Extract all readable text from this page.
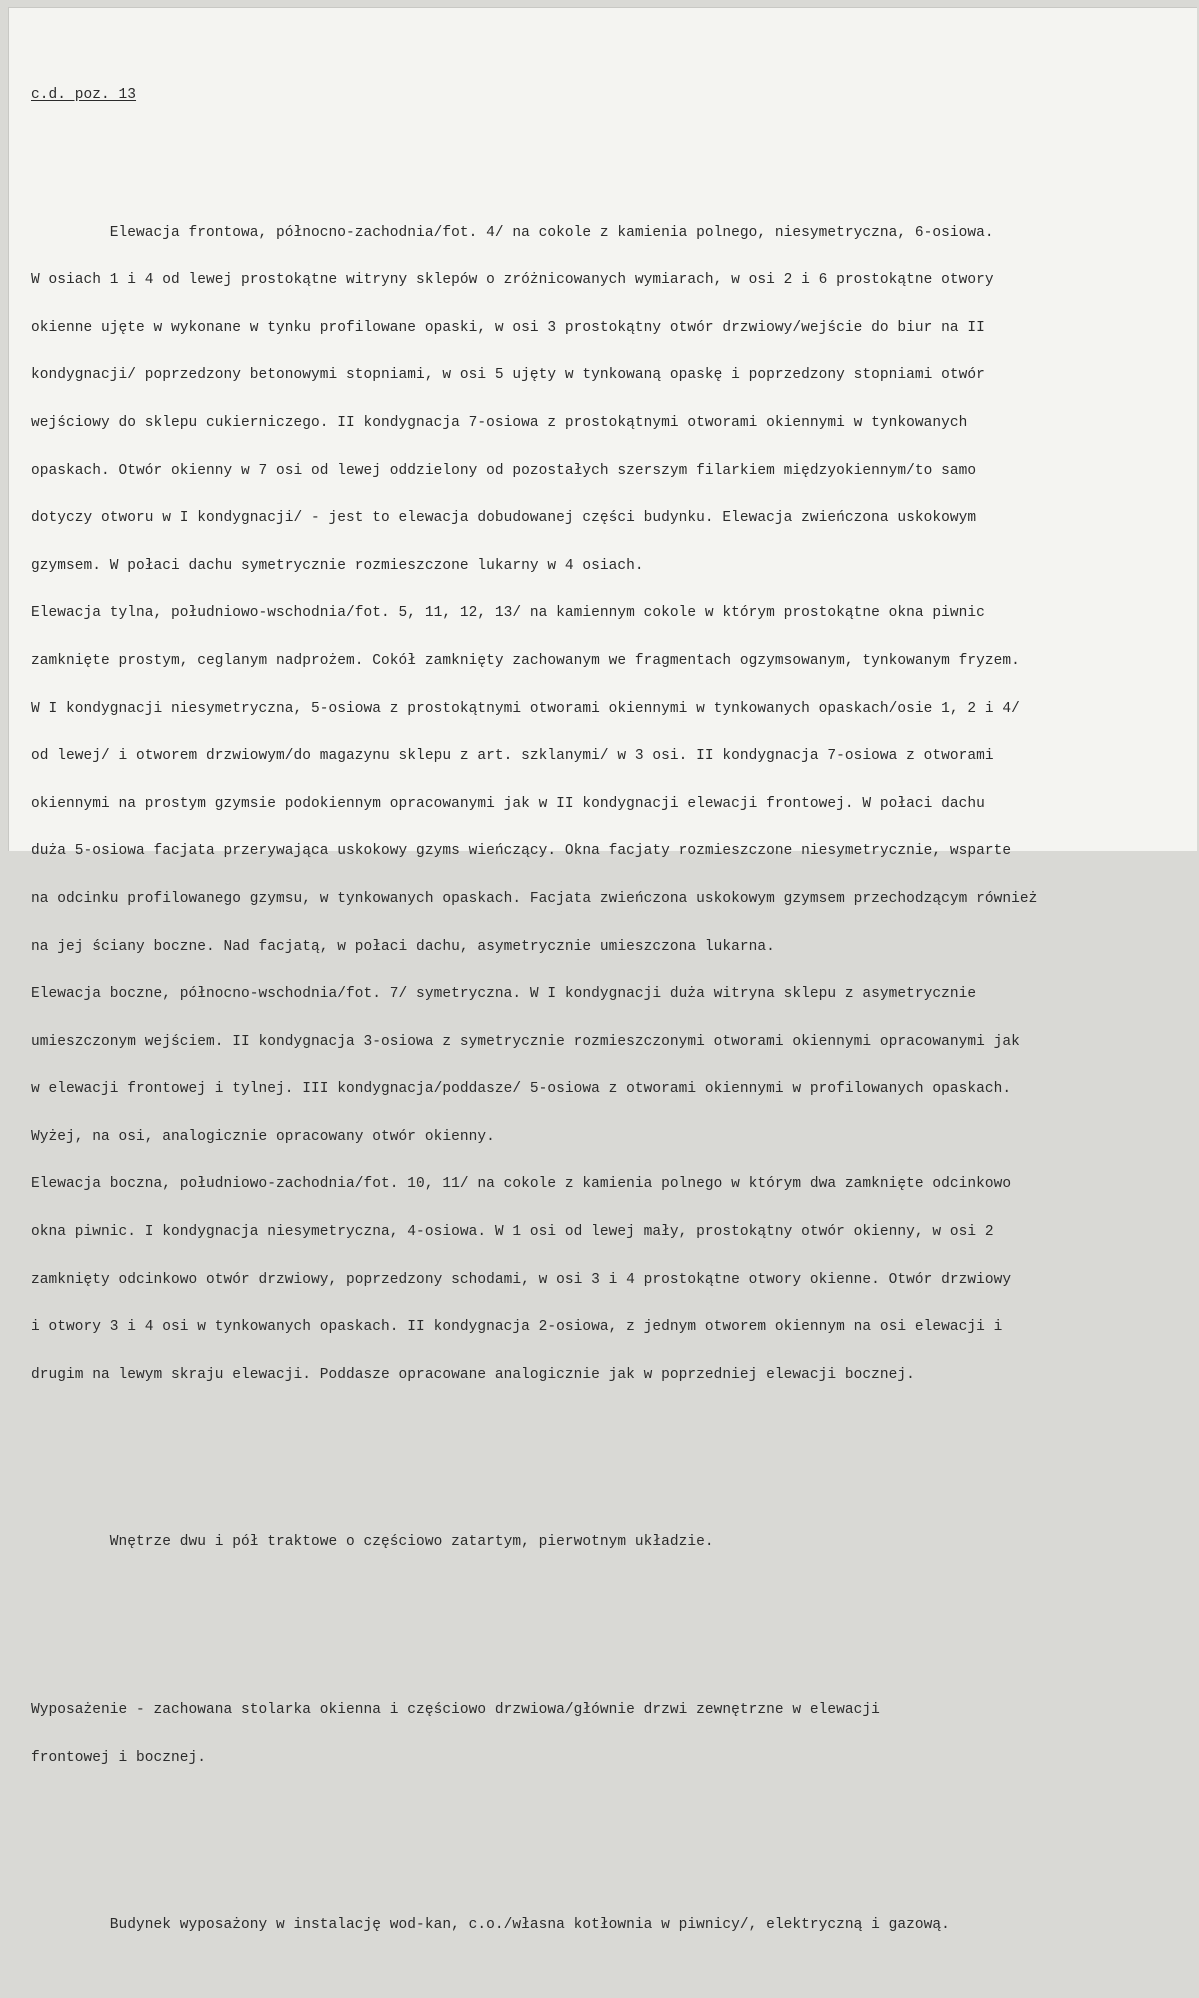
c.d. poz. 13

Elewacja frontowa, północno-zachodnia/fot. 4/ na cokole z kamienia polnego, niesymetryczna, 6-osiowa.

W osiach 1 i 4 od lewej prostokątne witryny sklepów o zróżnicowanych wymiarach, w osi 2 i 6 prostokątne otwory

okienne ujęte w wykonane w tynku profilowane opaski, w osi 3 prostokątny otwór drzwiowy/wejście do biur na II

kondygnacji/ poprzedzony betonowymi stopniami, w osi 5 ujęty w tynkowaną opaskę i poprzedzony stopniami otwór

wejściowy do sklepu cukierniczego. II kondygnacja 7-osiowa z prostokątnymi otworami okiennymi w tynkowanych

opaskach. Otwór okienny w 7 osi od lewej oddzielony od pozostałych szerszym filarkiem międzyokiennym/to samo

dotyczy otworu w I kondygnacji/ - jest to elewacja dobudowanej części budynku. Elewacja zwieńczona uskokowym

gzymsem. W połaci dachu symetrycznie rozmieszczone lukarny w 4 osiach.

Elewacja tylna, południowo-wschodnia/fot. 5, 11, 12, 13/ na kamiennym cokole w którym prostokątne okna piwnic

zamknięte prostym, ceglanym nadprożem. Cokół zamknięty zachowanym we fragmentach ogzymsowanym, tynkowanym fryzem.

W I kondygnacji niesymetryczna, 5-osiowa z prostokątnymi otworami okiennymi w tynkowanych opaskach/osie 1, 2 i 4/

od lewej/ i otworem drzwiowym/do magazynu sklepu z art. szklanymi/ w 3 osi. II kondygnacja 7-osiowa z otworami

okiennymi na prostym gzymsie podokiennym opracowanymi jak w II kondygnacji elewacji frontowej. W połaci dachu

duża 5-osiowa facjata przerywająca uskokowy gzyms wieńczący. Okna facjaty rozmieszczone niesymetrycznie, wsparte

na odcinku profilowanego gzymsu, w tynkowanych opaskach. Facjata zwieńczona uskokowym gzymsem przechodzącym również

na jej ściany boczne. Nad facjatą, w połaci dachu, asymetrycznie umieszczona lukarna.

Elewacja boczne, północno-wschodnia/fot. 7/ symetryczna. W I kondygnacji duża witryna sklepu z asymetrycznie

umieszczonym wejściem. II kondygnacja 3-osiowa z symetrycznie rozmieszczonymi otworami okiennymi opracowanymi jak

w elewacji frontowej i tylnej. III kondygnacja/poddasze/ 5-osiowa z otworami okiennymi w profilowanych opaskach.

Wyżej, na osi, analogicznie opracowany otwór okienny.

Elewacja boczna, południowo-zachodnia/fot. 10, 11/ na cokole z kamienia polnego w którym dwa zamknięte odcinkowo

okna piwnic. I kondygnacja niesymetryczna, 4-osiowa. W 1 osi od lewej mały, prostokątny otwór okienny, w osi 2

zamknięty odcinkowo otwór drzwiowy, poprzedzony schodami, w osi 3 i 4 prostokątne otwory okienne. Otwór drzwiowy

i otwory 3 i 4 osi w tynkowanych opaskach. II kondygnacja 2-osiowa, z jednym otworem okiennym na osi elewacji i

drugim na lewym skraju elewacji. Poddasze opracowane analogicznie jak w poprzedniej elewacji bocznej.

Wnętrze dwu i pół traktowe o częściowo zatartym, pierwotnym układzie.

Wyposażenie - zachowana stolarka okienna i częściowo drzwiowa/głównie drzwi zewnętrzne w elewacji

frontowej i bocznej.

Budynek wyposażony w instalację wod-kan, c.o./własna kotłownia w piwnicy/, elektryczną i gazową.
